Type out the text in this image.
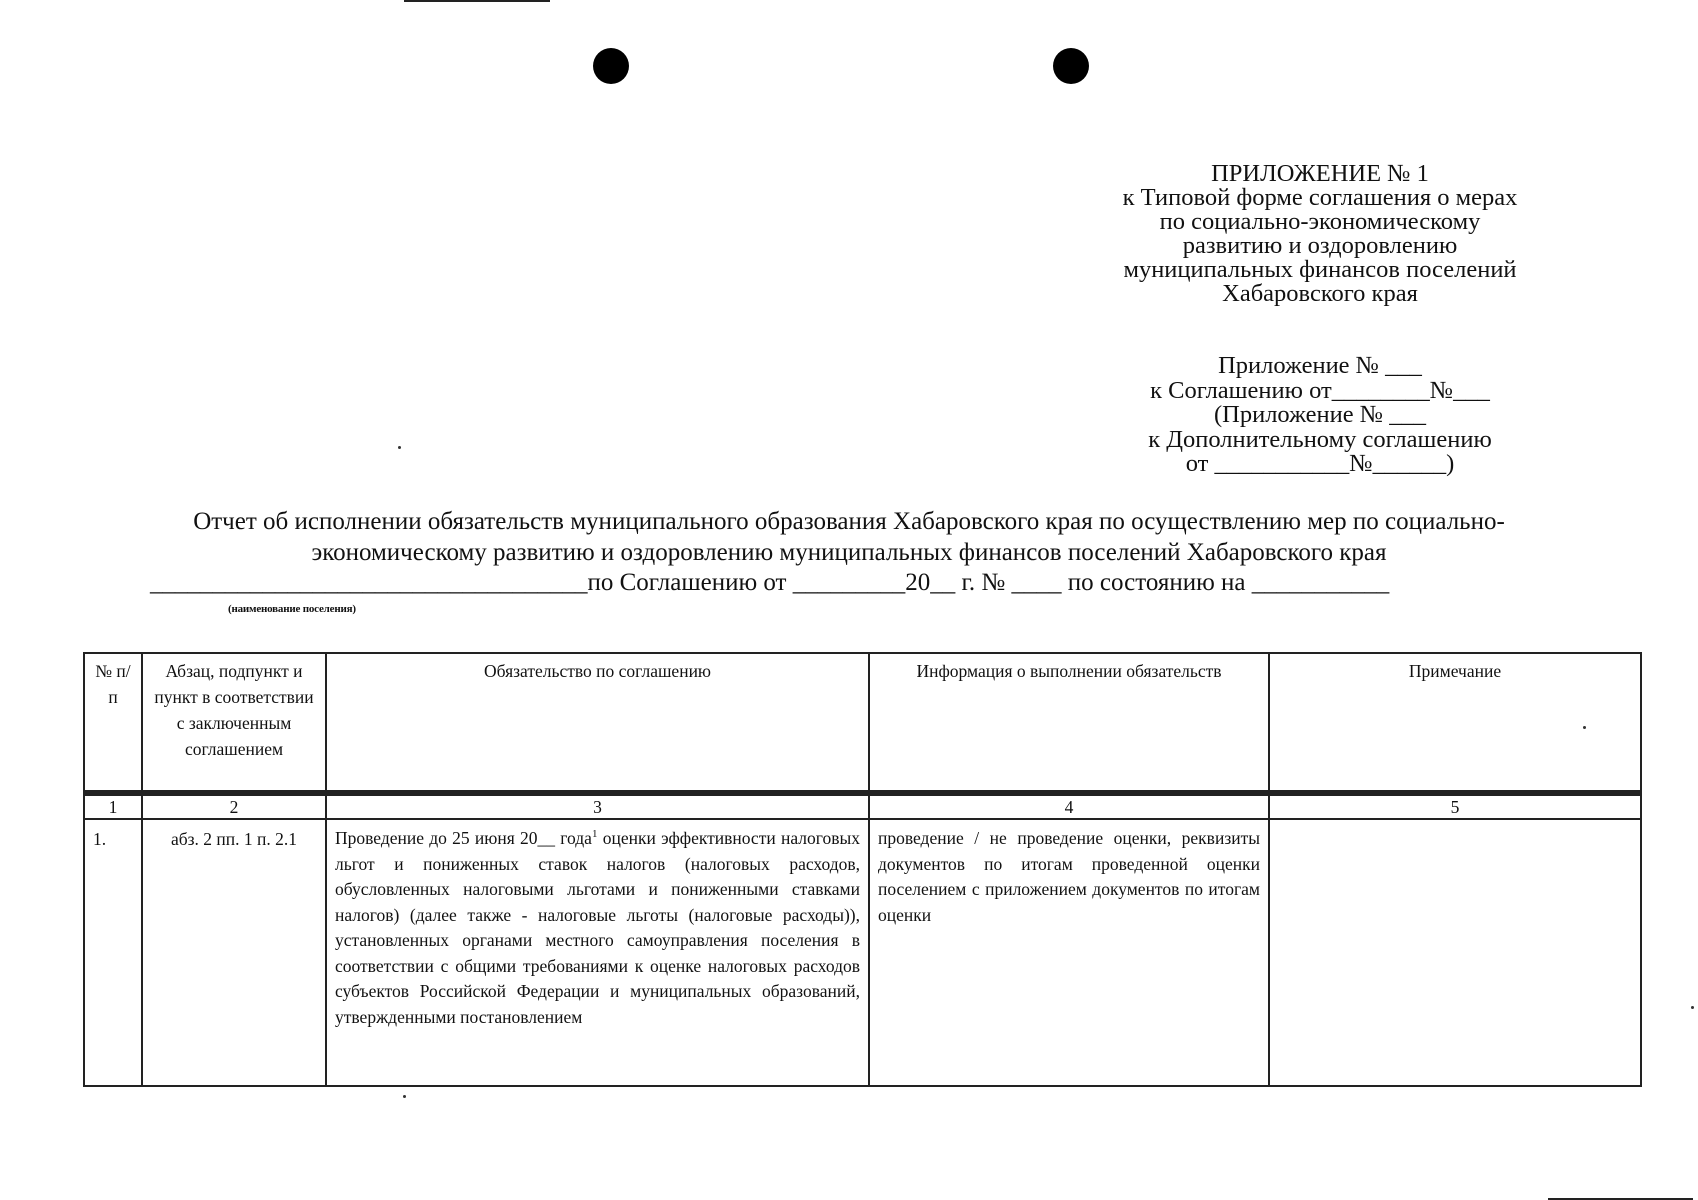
ПРИЛОЖЕНИЕ № 1
к Типовой форме соглашения о мерах
по социально-экономическому
развитию и оздоровлению
муниципальных финансов поселений
Хабаровского края
Приложение № ___
к Соглашению от________№___
(Приложение № ___
к Дополнительному соглашению
от ___________№______)
Отчет об исполнении обязательств муниципального образования Хабаровского края по осуществлению мер по социально-
экономическому развитию и оздоровлению муниципальных финансов поселений Хабаровского края
___________________________________по Соглашению от _________20__ г. № ____ по состоянию на ___________
(наименование поселения)
№ п/п	Абзац, подпункт и пункт в соответствии с заключенным соглашением	Обязательство по соглашению	Информация о выполнении обязательств	Примечание

1	2	3	4	5
1.	абз. 2 пп. 1 п. 2.1	Проведение до 25 июня 20__ года$^1$ оценки эффективности налоговых льгот и пониженных ставок налогов (налоговых расходов, обусловленных налоговыми льготами и пониженными ставками налогов) (далее также - налоговые льготы (налоговые расходы)), установленных органами местного самоуправления поселения в соответствии с общими требованиями к оценке налоговых расходов субъектов Российской Федерации и муниципальных образований, утвержденными постановлением	проведение / не проведение оценки, реквизиты документов по итогам проведенной оценки поселением с приложением документов по итогам оценки	
